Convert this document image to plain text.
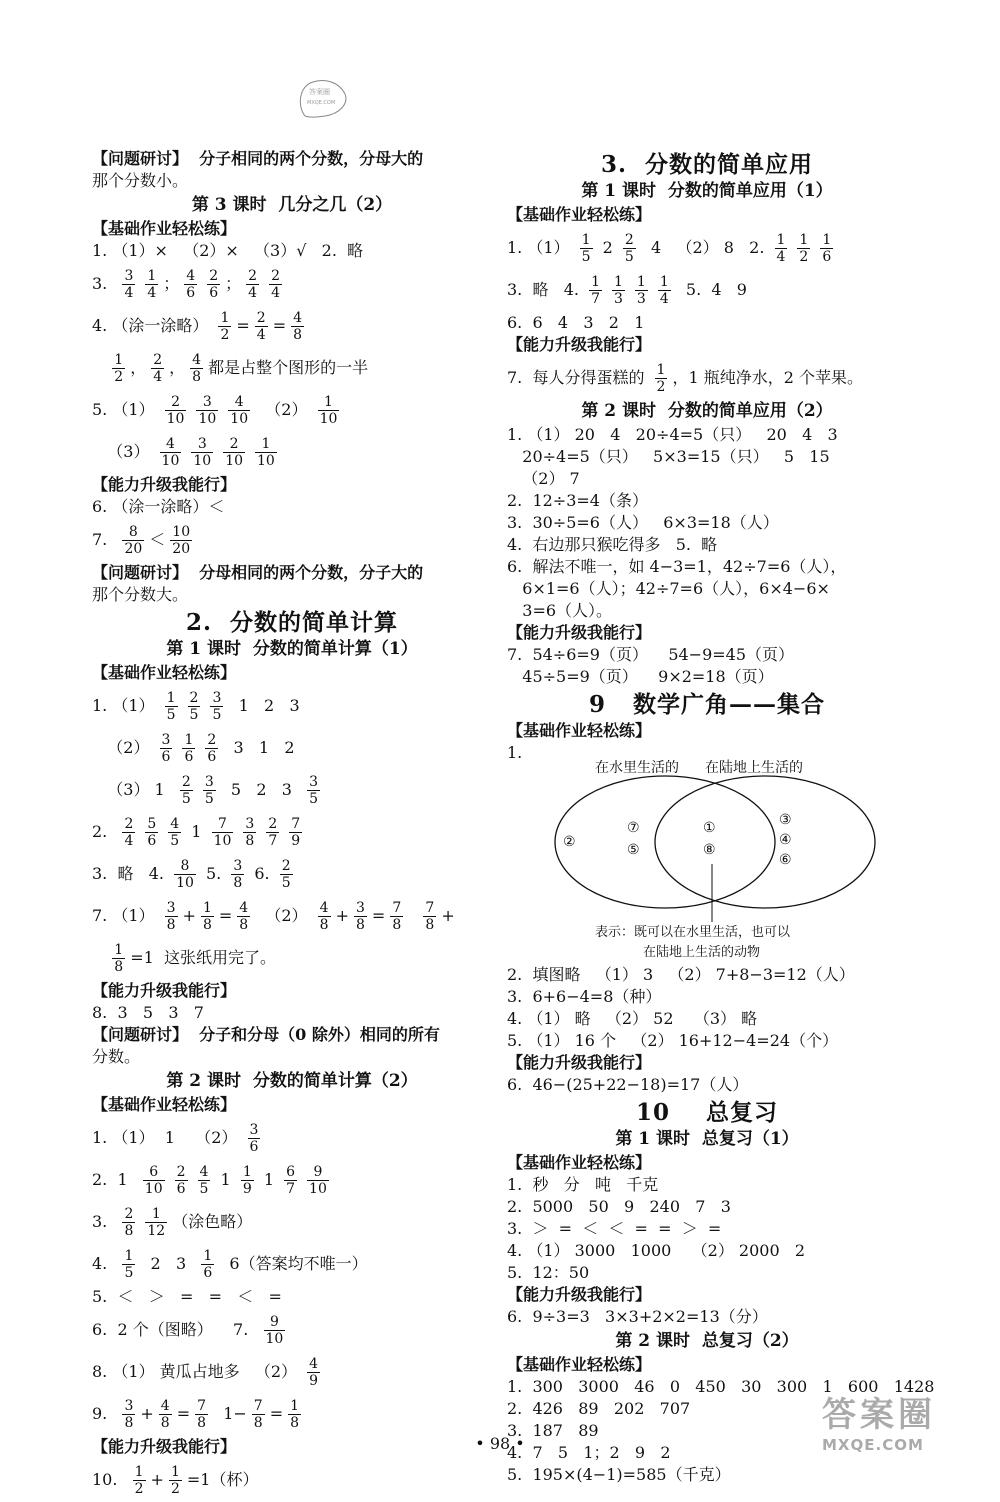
答案圈
MXQE.COM
【问题研讨】  分子相同的两个分数，分母大的
那个分数小。
第 3 课时  几分之几（2）
【基础作业轻松练】
1. （1）×   （2）×   （3）√   2.  略
3. $\frac{3}{4} \frac{1}{4}$ ； $\frac{4}{6} \frac{2}{6}$ ； $\frac{2}{4} \frac{2}{4}$
4. （涂一涂略） $\frac{1}{2} = \frac{2}{4} = \frac{4}{8}$

$\frac{1}{2}$ ， $\frac{2}{4}$ ， $\frac{4}{8}$ 都是占整个图形的一半
5. $(1) \frac{2}{10} \frac{3}{10} \frac{4}{10} (2) \frac{1}{10}$
$(3) \frac{4}{10} \frac{3}{10} \frac{2}{10} \frac{1}{10}$
【能力升级我能行】
6. （涂一涂略）＜
7. $\frac{8}{20} < \frac{10}{20}$
【问题研讨】  分母相同的两个分数，分子大的
那个分数大。
2.  分数的简单计算
第 1 课时  分数的简单计算（1）
【基础作业轻松练】
1. $(1) \frac{1}{5} \frac{2}{5} \frac{3}{5} 1$   2   3
$(2) \frac{3}{6} \frac{1}{6} \frac{2}{6} 3$   1   2
（3） $1 \frac{2}{5} \frac{3}{5} 5$   2   $3 \frac{3}{5}$
2. $\frac{2}{4} \frac{5}{6} \frac{4}{5} 1 \frac{7}{10} \frac{3}{8} \frac{2}{7} \frac{7}{9}$
3.  略   4. $\frac{8}{10} 5$. $\frac{3}{8} 6$. $\frac{2}{5}$
7. $(1) \frac{3}{8} + \frac{1}{8} = \frac{4}{8} (2) \frac{4}{8} + \frac{3}{8} = \frac{7}{8}$
$\frac{7}{8}$ +

$\frac{1}{8} =1$  这张纸用完了。
【能力升级我能行】
8.  3   5   3   7
【问题研讨】  分子和分母（0 除外）相同的所有
分数。
第 2 课时  分数的简单计算（2）
【基础作业轻松练】
1. （1）  1    $(2) \frac{3}{6}$
2.  $1 \frac{6}{10} \frac{2}{6} \frac{4}{5} 1 \frac{1}{9} 1 \frac{6}{7} \frac{9}{10}$
3. $\frac{2}{8} \frac{1}{12}$ （涂色略）
4. $\frac{1}{5} 2$   $3 \frac{1}{6} 6$（答案均不唯一）
5.  ＜   ＞   =   =   ＜   =
6.  2 个（图略）    7. $\frac{9}{10}$
8. （1） 黄瓜占地多   $(2) \frac{4}{9}$
9. $\frac{3}{8} + \frac{4}{8} = \frac{7}{8} 1- \frac{7}{8} = \frac{1}{8}$
【能力升级我能行】
10. $\frac{1}{2} + \frac{1}{2} =1$（杯）
3.  分数的简单应用
第 1 课时  分数的简单应用（1）
【基础作业轻松练】
1. $(1) \frac{1}{5} 2 \frac{2}{5} 4$   （2） 8   2. $\frac{1}{4} \frac{1}{2} \frac{1}{6}$
3.  略   4. $\frac{1}{7} \frac{1}{3} \frac{1}{3} \frac{1}{4} 5$.  4   9
6.  6   4   3   2   1
【能力升级我能行】
7.  每人分得蛋糕的 $\frac{1}{2}$ ，1 瓶纯净水，2 个苹果。
第 2 课时  分数的简单应用（2）
1. （1） 20   4   20÷4=5（只）   20   4   3
20÷4=5（只）   5×3=15（只）   5   15
（2） 7
2.  12÷3=4（条）
3.  30÷5=6（人）   6×3=18（人）
4.  右边那只猴吃得多   5.  略
6.  解法不唯一，如 4−3=1，42÷7=6（人），
6×1=6（人）；42÷7=6（人），6×4−6×
3=6（人）。
【能力升级我能行】
7.  54÷6=9（页）    54−9=45（页）
45÷5=9（页）    9×2=18（页）
9   数学广角——集合
【基础作业轻松练】
1.
在水里生活的 在陆地上生活的
②
⑦
⑤
①
⑧
③
④
⑥
表示：既可以在水里生活，也可以
在陆地上生活的动物
2.  填图略   （1） 3   （2） 7+8−3=12（人）
3.  6+6−4=8（种）
4. （1） 略   （2） 52    （3） 略
5. （1） 16 个   （2） 16+12−4=24（个）
【能力升级我能行】
6.  46−(25+22−18)=17（人）
10    总复习
第 1 课时  总复习（1）
【基础作业轻松练】
1.  秒   分   吨   千克
2.  5000   50   9   240   7   3
3.  ＞  =  ＜  ＜  =  =  ＞  =
4. （1） 3000   1000    （2） 2000   2
5.  12：50
【能力升级我能行】
6.  9÷3=3   3×3+2×2=13（分）
第 2 课时  总复习（2）
【基础作业轻松练】
1.  300   3000   46   0   450   30   300   1   600   1428
2.  426   89   202   707
3.  187   89
4.  7   5   1；2   9   2
5.  195×(4−1)=585（千克）
• 98 •
答案圈
MXQE.COM
